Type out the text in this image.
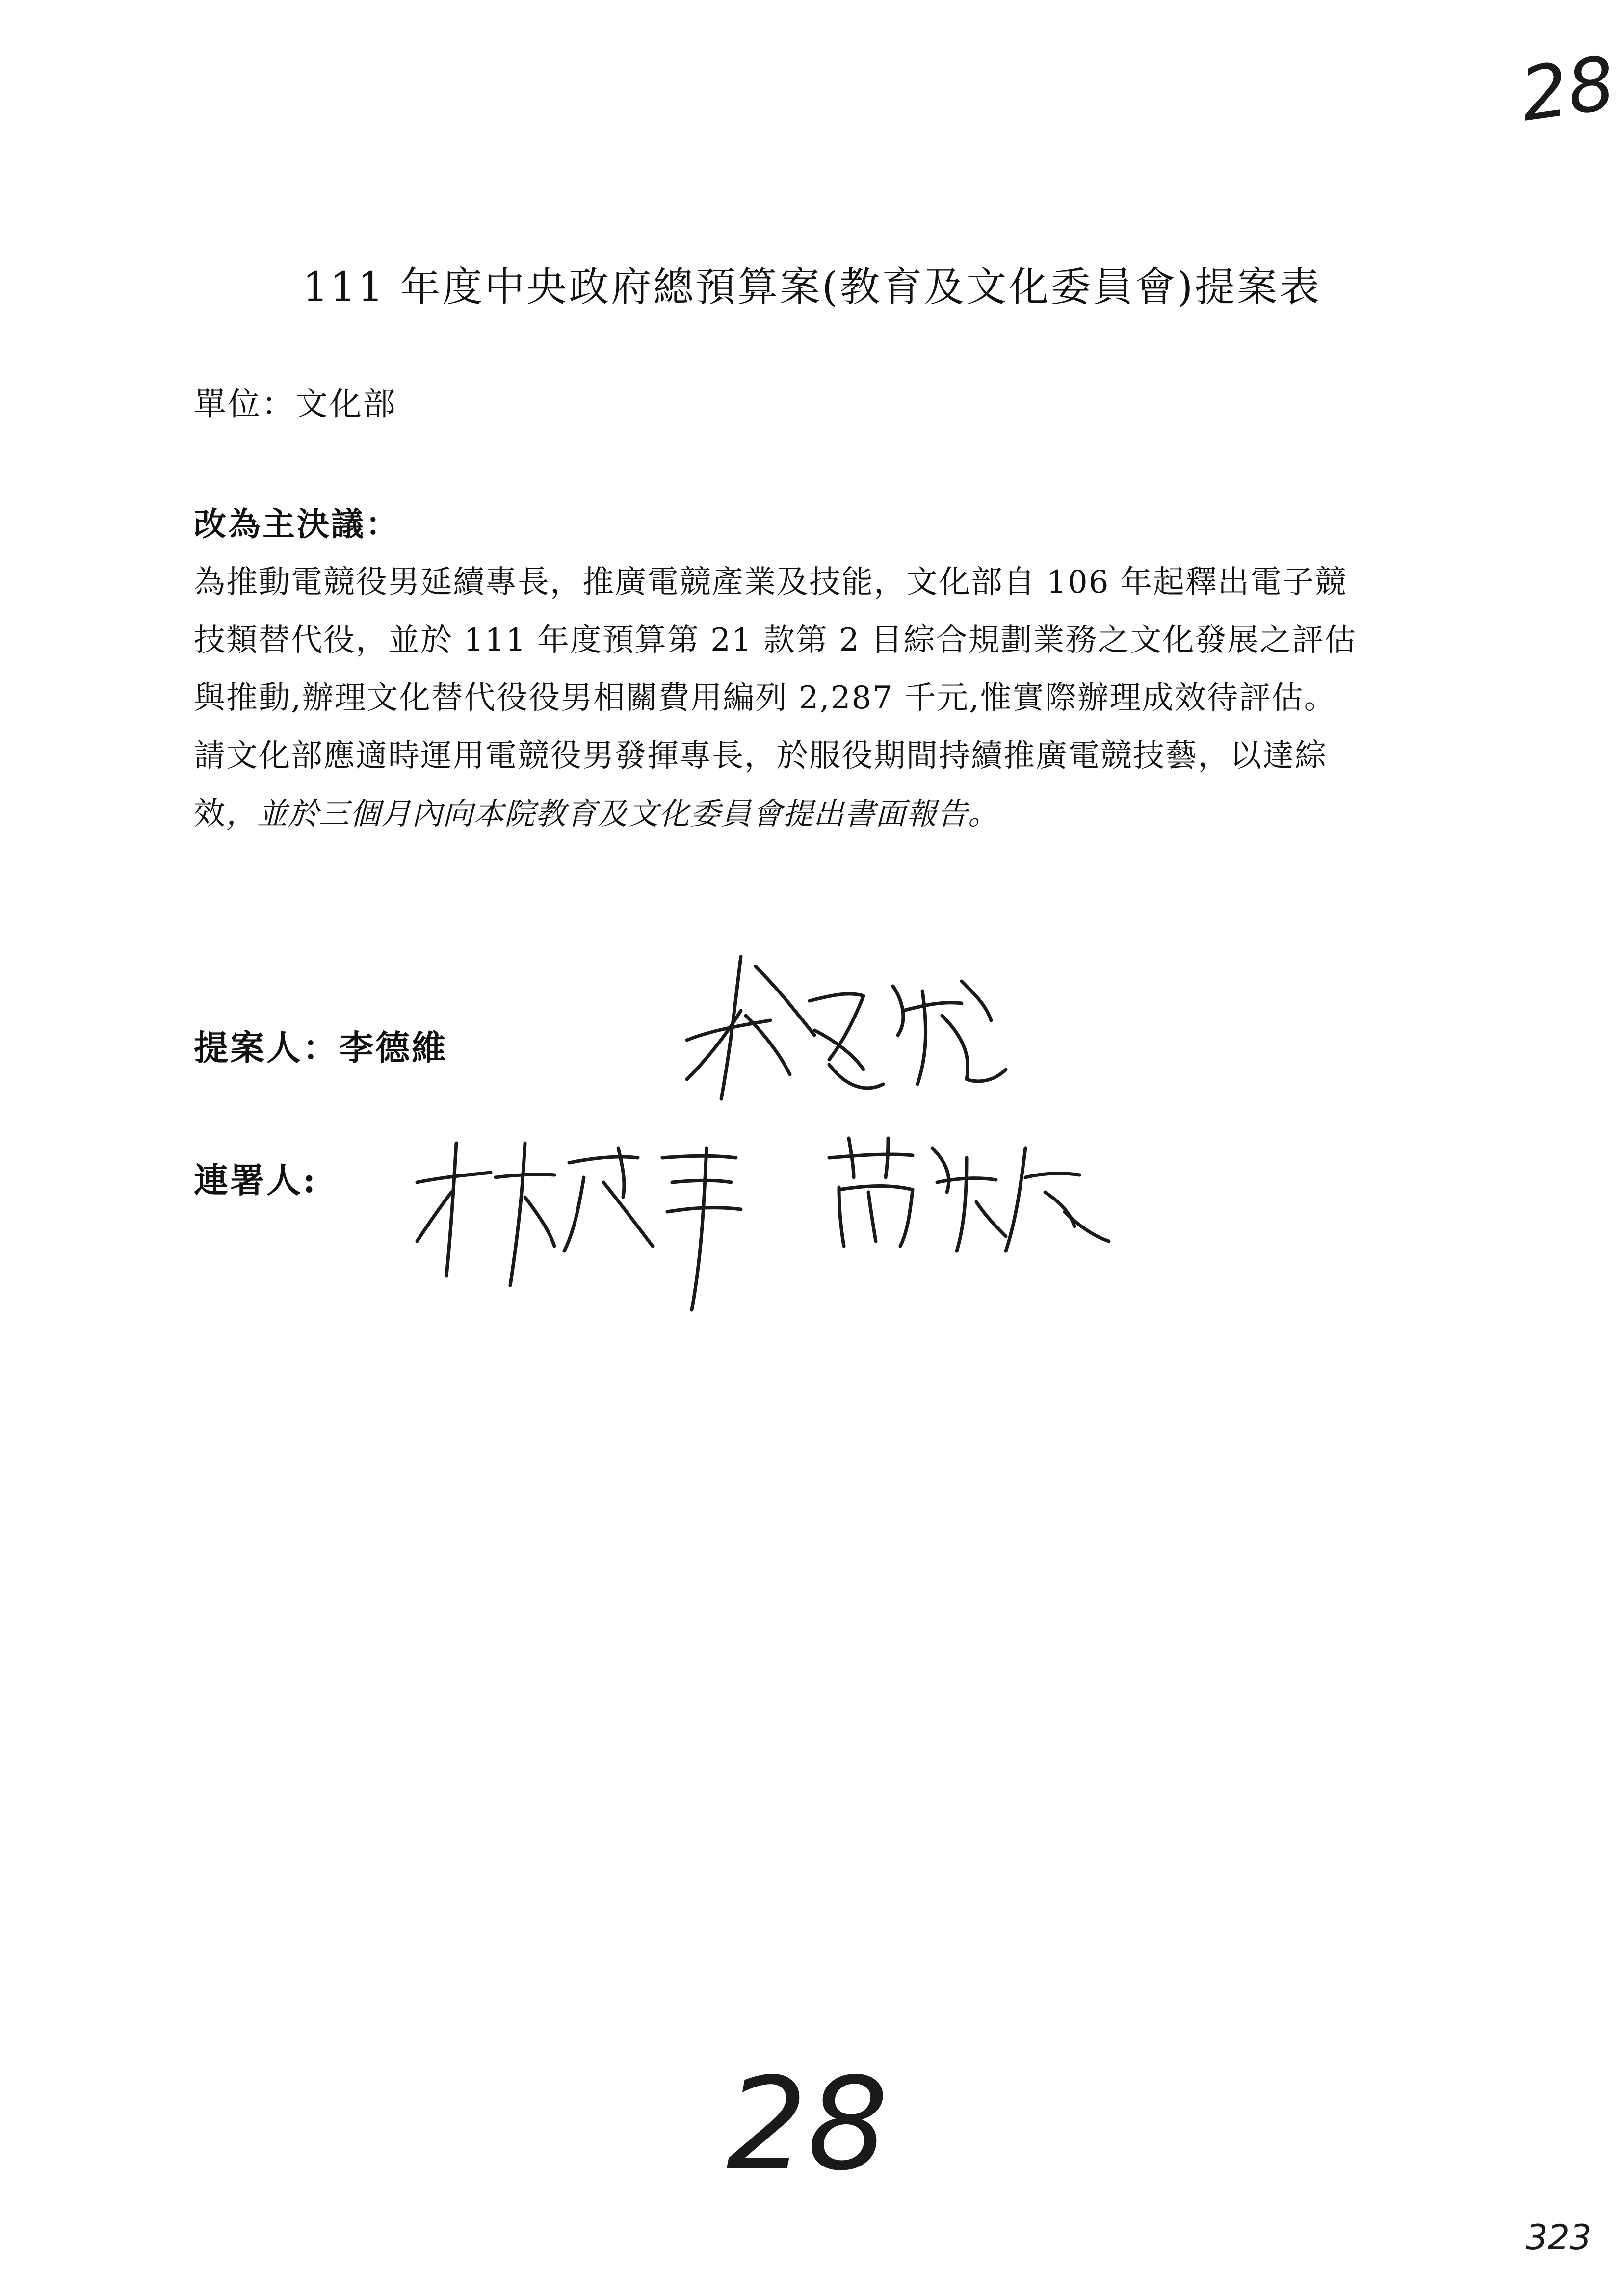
28
111 年度中央政府總預算案(教育及文化委員會)提案表
單位：文化部
改為主決議：
為推動電競役男延續專長，推廣電競產業及技能，文化部自 106 年起釋出電子競
技類替代役，並於 111 年度預算第 21 款第 2 目綜合規劃業務之文化發展之評估
與推動,辦理文化替代役役男相關費用編列 2,287 千元,惟實際辦理成效待評估。
請文化部應適時運用電競役男發揮專長，於服役期間持續推廣電競技藝，以達綜
效，並於三個月內向本院教育及文化委員會提出書面報告。
提案人：李德維
連署人:
28
323
